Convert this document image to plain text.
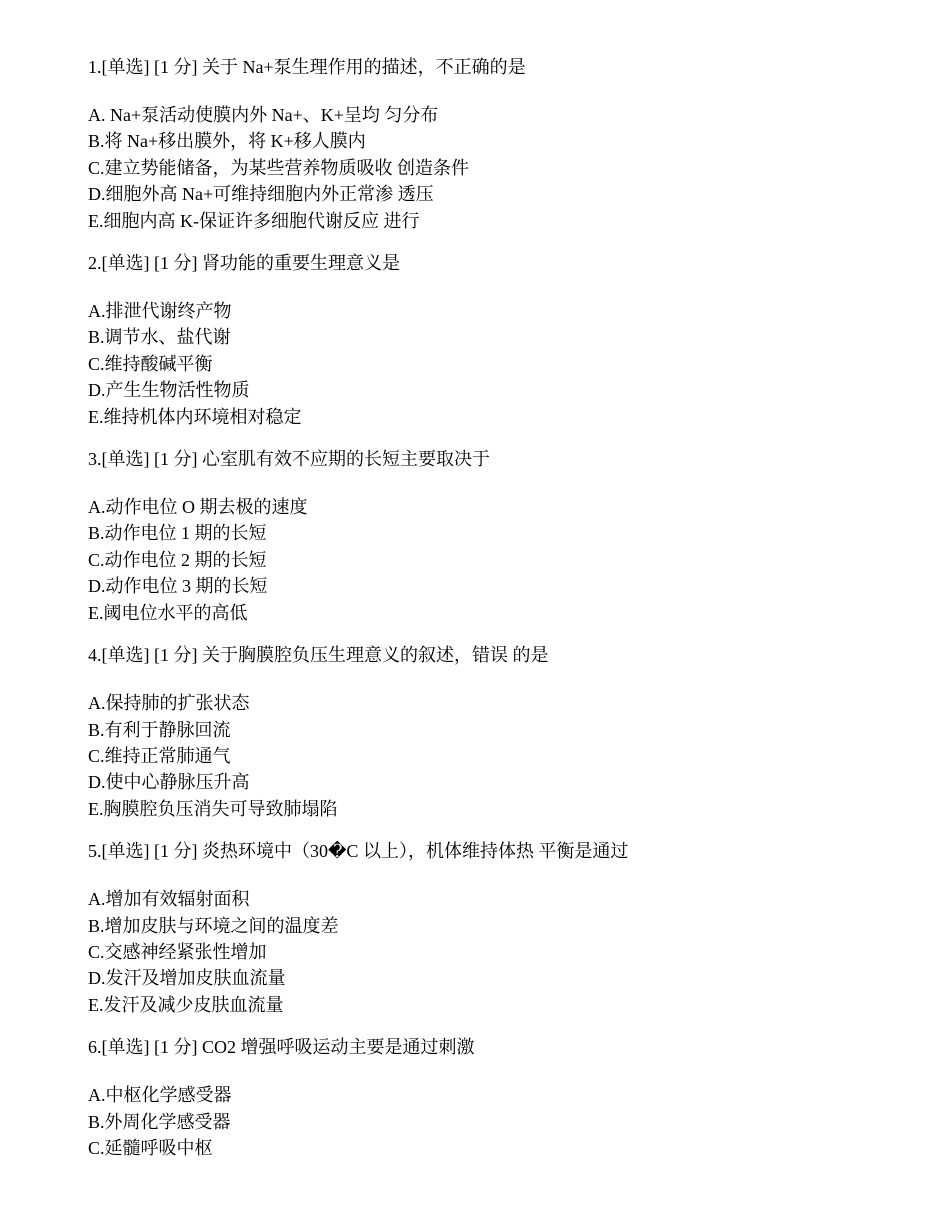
1.[单选] [1 分] 关于 Na+泵生理作用的描述，不正确的是

A. Na+泵活动使膜内外 Na+、K+呈均 匀分布
B.将 Na+移出膜外，将 K+移人膜内
C.建立势能储备，为某些营养物质吸收 创造条件
D.细胞外高 Na+可维持细胞内外正常渗 透压
E.细胞内高 K-保证许多细胞代谢反应 进行

2.[单选] [1 分] 肾功能的重要生理意义是

A.排泄代谢终产物
B.调节水、盐代谢
C.维持酸碱平衡
D.产生生物活性物质
E.维持机体内环境相对稳定

3.[单选] [1 分] 心室肌有效不应期的长短主要取决于

A.动作电位 O 期去极的速度
B.动作电位 1 期的长短
C.动作电位 2 期的长短
D.动作电位 3 期的长短
E.阈电位水平的高低

4.[单选] [1 分] 关于胸膜腔负压生理意义的叙述，错误 的是

A.保持肺的扩张状态
B.有利于静脉回流
C.维持正常肺通气
D.使中心静脉压升高
E.胸膜腔负压消失可导致肺塌陷

5.[单选] [1 分] 炎热环境中（30�C 以上），机体维持体热 平衡是通过

A.增加有效辐射面积
B.增加皮肤与环境之间的温度差
C.交感神经紧张性增加
D.发汗及增加皮肤血流量
E.发汗及减少皮肤血流量

6.[单选] [1 分] CO2 增强呼吸运动主要是通过刺激

A.中枢化学感受器
B.外周化学感受器
C.延髓呼吸中枢
